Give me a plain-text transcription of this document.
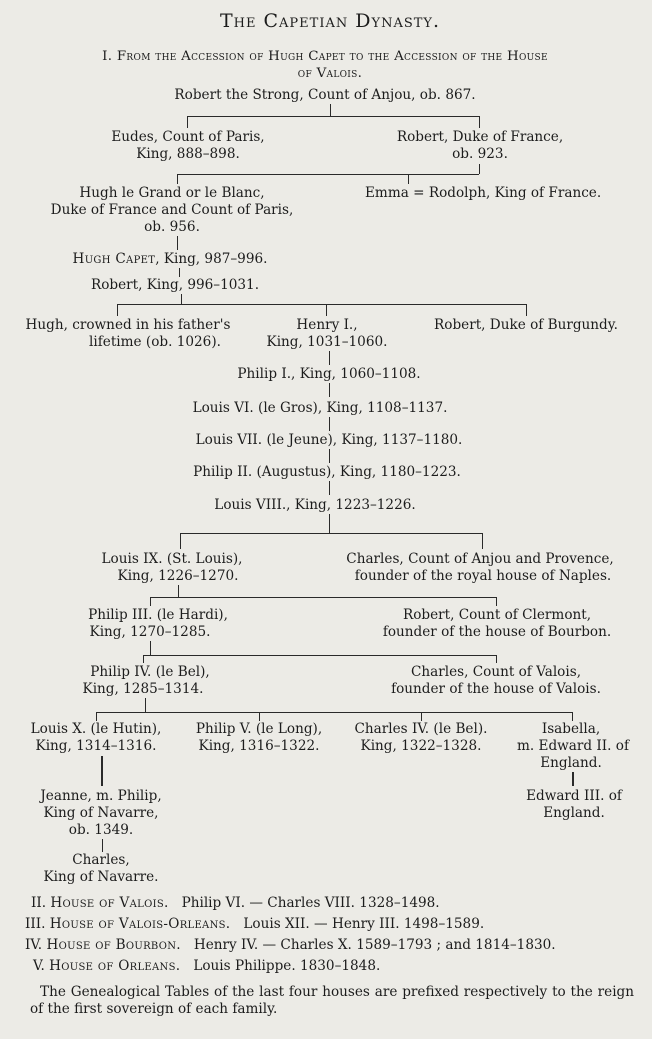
The Capetian Dynasty.
I. From the Accession of Hugh Capet to the Accession of the House
of Valois.
Robert the Strong, Count of Anjou, ob. 867.
Eudes, Count of Paris,
King, 888–898.
Robert, Duke of France,
ob. 923.
Hugh le Grand or le Blanc,
Duke of France and Count of Paris,
ob. 956.
Emma = Rodolph, King of France.
Hugh Capet, King, 987–996.
Robert, King, 996–1031.
Hugh, crowned in his father's
lifetime (ob. 1026).
Henry I.,
King, 1031–1060.
Robert, Duke of Burgundy.
Philip I., King, 1060–1108.
Louis VI. (le Gros), King, 1108–1137.
Louis VII. (le Jeune), King, 1137–1180.
Philip II. (Augustus), King, 1180–1223.
Louis VIII., King, 1223–1226.
Louis IX. (St. Louis),
King, 1226–1270.
Charles, Count of Anjou and Provence,
founder of the royal house of Naples.
Philip III. (le Hardi),
King, 1270–1285.
Robert, Count of Clermont,
founder of the house of Bourbon.
Philip IV. (le Bel),
King, 1285–1314.
Charles, Count of Valois,
founder of the house of Valois.
Louis X. (le Hutin),
King, 1314–1316.
Philip V. (le Long),
King, 1316–1322.
Charles IV. (le Bel).
King, 1322–1328.
Isabella,
m. Edward II. of
England.
Jeanne, m. Philip,
King of Navarre,
ob. 1349.
Edward III. of
England.
Charles,
King of Navarre.
II. House of Valois. Philip VI. — Charles VIII. 1328–1498.
III. House of Valois-Orleans. Louis XII. — Henry III. 1498–1589.
IV. House of Bourbon. Henry IV. — Charles X. 1589–1793 ; and 1814–1830.
V. House of Orleans. Louis Philippe. 1830–1848.
The Genealogical Tables of the last four houses are prefixed respectively to the reign of the first sovereign of each family.
